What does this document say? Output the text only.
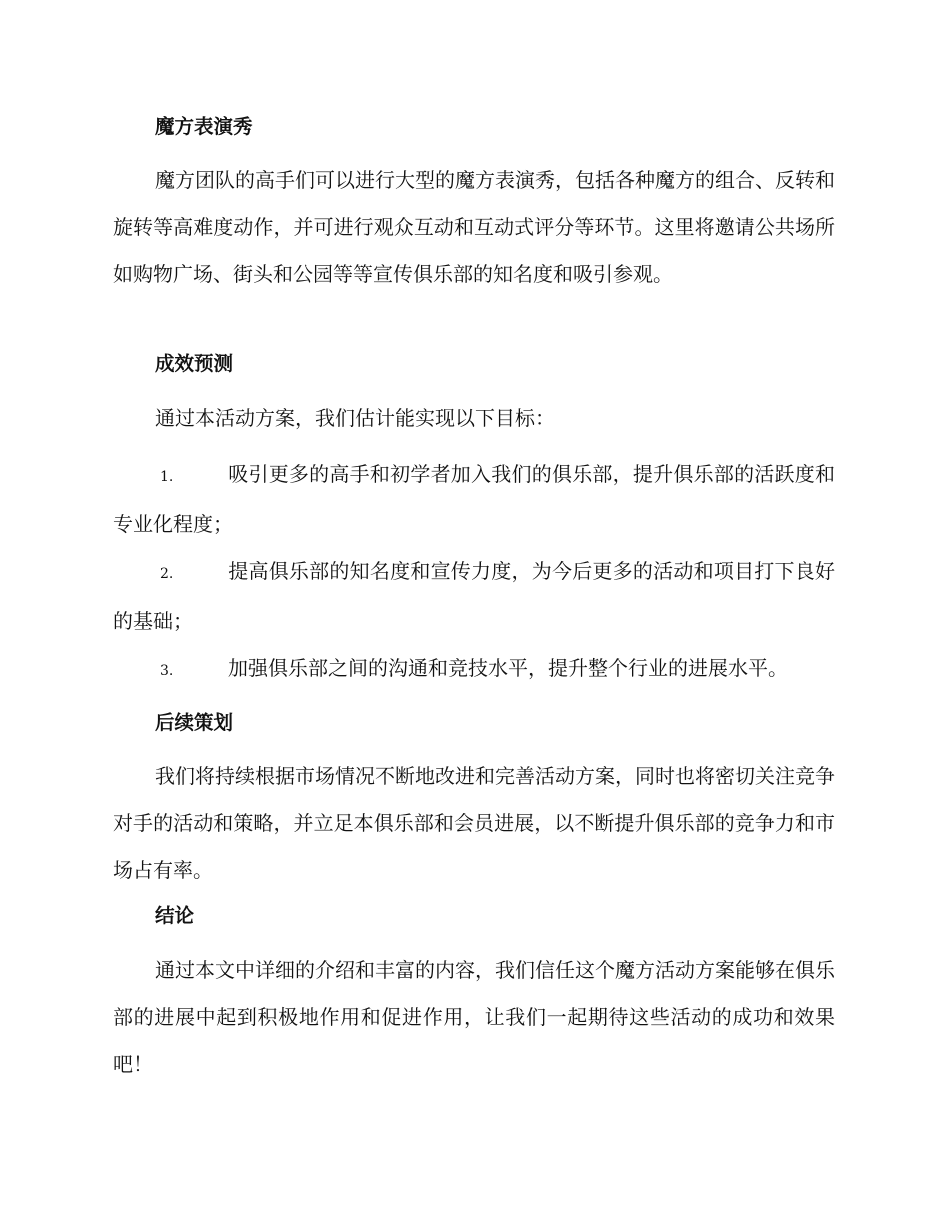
魔方表演秀

魔方团队的高手们可以进行大型的魔方表演秀，包括各种魔方的组合、反转和旋转等高难度动作，并可进行观众互动和互动式评分等环节。这里将邀请公共场所如购物广场、街头和公园等等宣传俱乐部的知名度和吸引参观。

成效预测

通过本活动方案，我们估计能实现以下目标：

1.	吸引更多的高手和初学者加入我们的俱乐部，提升俱乐部的活跃度和专业化程度；

2.	提高俱乐部的知名度和宣传力度，为今后更多的活动和项目打下良好的基础；

3.	加强俱乐部之间的沟通和竞技水平，提升整个行业的进展水平。

后续策划

我们将持续根据市场情况不断地改进和完善活动方案，同时也将密切关注竞争对手的活动和策略，并立足本俱乐部和会员进展，以不断提升俱乐部的竞争力和市场占有率。

结论

通过本文中详细的介绍和丰富的内容，我们信任这个魔方活动方案能够在俱乐部的进展中起到积极地作用和促进作用，让我们一起期待这些活动的成功和效果吧！
